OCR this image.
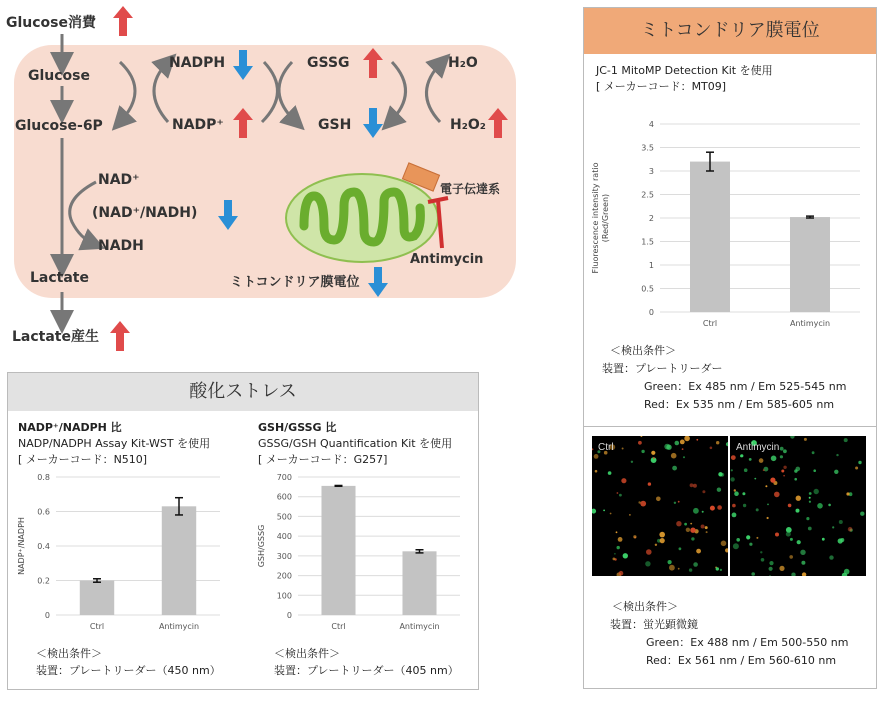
Glucose消費
Glucose
Glucose-6P
NADPH
NADP⁺
GSSG
GSH
H₂O
H₂O₂
NAD⁺
(NAD⁺/NADH)
NADH
Lactate
Lactate産生
電子伝達系
Antimycin
ミトコンドリア膜電位
酸化ストレス
NADP⁺/NADPH 比
NADP/NADPH Assay Kit-WST を使用
[ メーカーコード：N510]
0
0.2
0.4
0.6
0.8
Ctrl	Antimycin
NADP⁺/NADPH
＜検出条件＞
装置：プレートリーダー（450 nm）
GSH/GSSG 比
GSSG/GSH Quantification Kit を使用
[ メーカーコード：G257]
0
100
200
300
400
500
600
700
Ctrl	Antimycin
GSH/GSSG
＜検出条件＞
装置：プレートリーダー（405 nm）
ミトコンドリア膜電位
JC-1 MitoMP Detection Kit を使用
[ メーカーコード：MT09]
0
0.5
1
1.5
2
2.5
3
3.5
4
Ctrl	Antimycin
Fluorescence intensity ratio (Red/Green)
＜検出条件＞
装置：プレートリーダー
Green：Ex 485 nm / Em 525-545 nm
Red：Ex 535 nm / Em 585-605 nm
Ctrl	Antimycin
＜検出条件＞
装置：蛍光顕微鏡
Green：Ex 488 nm / Em 500-550 nm
Red：Ex 561 nm / Em 560-610 nm
